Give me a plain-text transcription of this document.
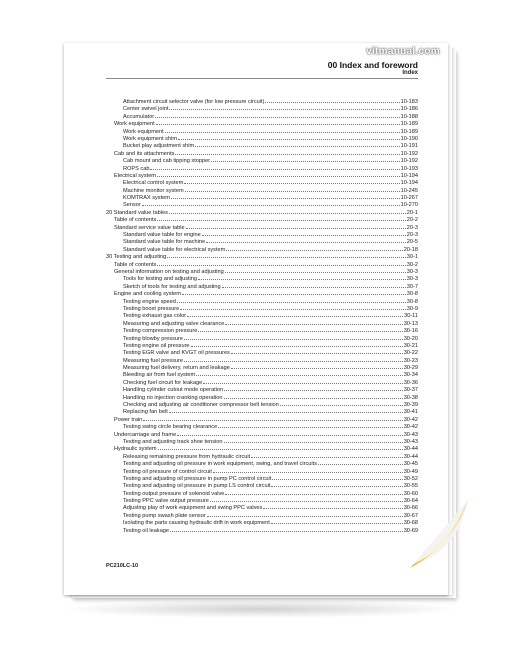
vitmanual.com
00 Index and foreword
Index
Attachment circuit selector valve (for low pressure circuit)	10-183
Center swivel joint	10-186
Accumulator	10-188
Work equipment	10-189
Work equipment	10-189
Work equipment shim	10-190
Bucket play adjustment shim	10-191
Cab and its attachments	10-192
Cab mount and cab tipping stopper	10-192
ROPS cab	10-193
Electrical system	10-194
Electrical control system	10-194
Machine monitor system	10-245
KOMTRAX system	10-267
Sensor	10-270
20 Standard value tables	20-1
Table of contents	20-2
Standard service value table	20-3
Standard value table for engine	20-3
Standard value table for machine	20-5
Standard value table for electrical system	20-18
30 Testing and adjusting	30-1
Table of contents	30-2
General information on testing and adjusting	30-3
Tools for testing and adjusting	30-3
Sketch of tools for testing and adjusting	30-7
Engine and cooling system	30-8
Testing engine speed	30-8
Testing boost pressure	30-9
Testing exhaust gas color	30-11
Measuring and adjusting valve clearance	30-13
Testing compression pressure	30-16
Testing blowby pressure	30-20
Testing engine oil pressure	30-21
Testing EGR valve and KVGT oil pressures	30-22
Measuring fuel pressure	30-23
Measuring fuel delivery, return and leakage	30-29
Bleeding air from fuel system	30-34
Checking fuel circuit for leakage	30-36
Handling cylinder cutout mode operation	30-37
Handling no injection cranking operation	30-38
Checking and adjusting air conditioner compressor belt tension	30-39
Replacing fan belt	30-41
Power train	30-42
Testing swing circle bearing clearance	30-42
Undercarriage and frame	30-43
Testing and adjusting track shoe tension	30-43
Hydraulic system	30-44
Releasing remaining pressure from hydraulic circuit	30-44
Testing and adjusting oil pressure in work equipment, swing, and travel circuits	30-45
Testing oil pressure of control circuit	30-49
Testing and adjusting oil pressure in pump PC control circuit	30-52
Testing and adjusting oil pressure in pump LS control circuit	30-55
Testing output pressure of solenoid valve	30-60
Testing PPC valve output pressure	30-64
Adjusting play of work equipment and swing PPC valves	30-66
Testing pump swash plate sensor	30-67
Isolating the parts causing hydraulic drift in work equipment	30-68
Testing oil leakage	30-69
PC210LC-10
